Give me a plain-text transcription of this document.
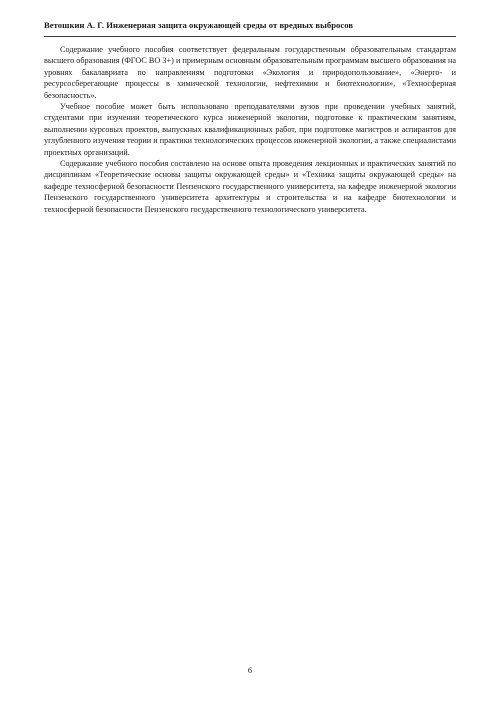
Ветошкин А. Г. Инженерная защита окружающей среды от вредных выбросов

Содержание учебного пособия соответствует федеральным государственным образовательным стандартам высшего образования (ФГОС ВО 3+) и примерным основным образовательным программам высшего образования на уровнях бакалавриата по направлениям подготовки «Экология и природопользование», «Энерго- и ресурсосберегающие процессы в химической технологии, нефтехимии и биотехнологии», «Техносферная безопасность».

Учебное пособие может быть использовано преподавателями вузов при проведении учебных занятий, студентами при изучении теоретического курса инженерной экологии, подготовке к практическим занятиям, выполнении курсовых проектов, выпускных квалификационных работ, при подготовке магистров и аспирантов для углубленного изучения теории и практики технологических процессов инженерной экологии, а также специалистами проектных организаций.

Содержание учебного пособия составлено на основе опыта проведения лекционных и практических занятий по дисциплинам «Теоретические основы защиты окружающей среды» и «Техника защиты окружающей среды» на кафедре техносферной безопасности Пензенского государственного университета, на кафедре инженерной экологии Пензенского государственного университета архитектуры и строительства и на кафедре биотехнологии и техносферной безопасности Пензенского государственного технологического университета.

6
